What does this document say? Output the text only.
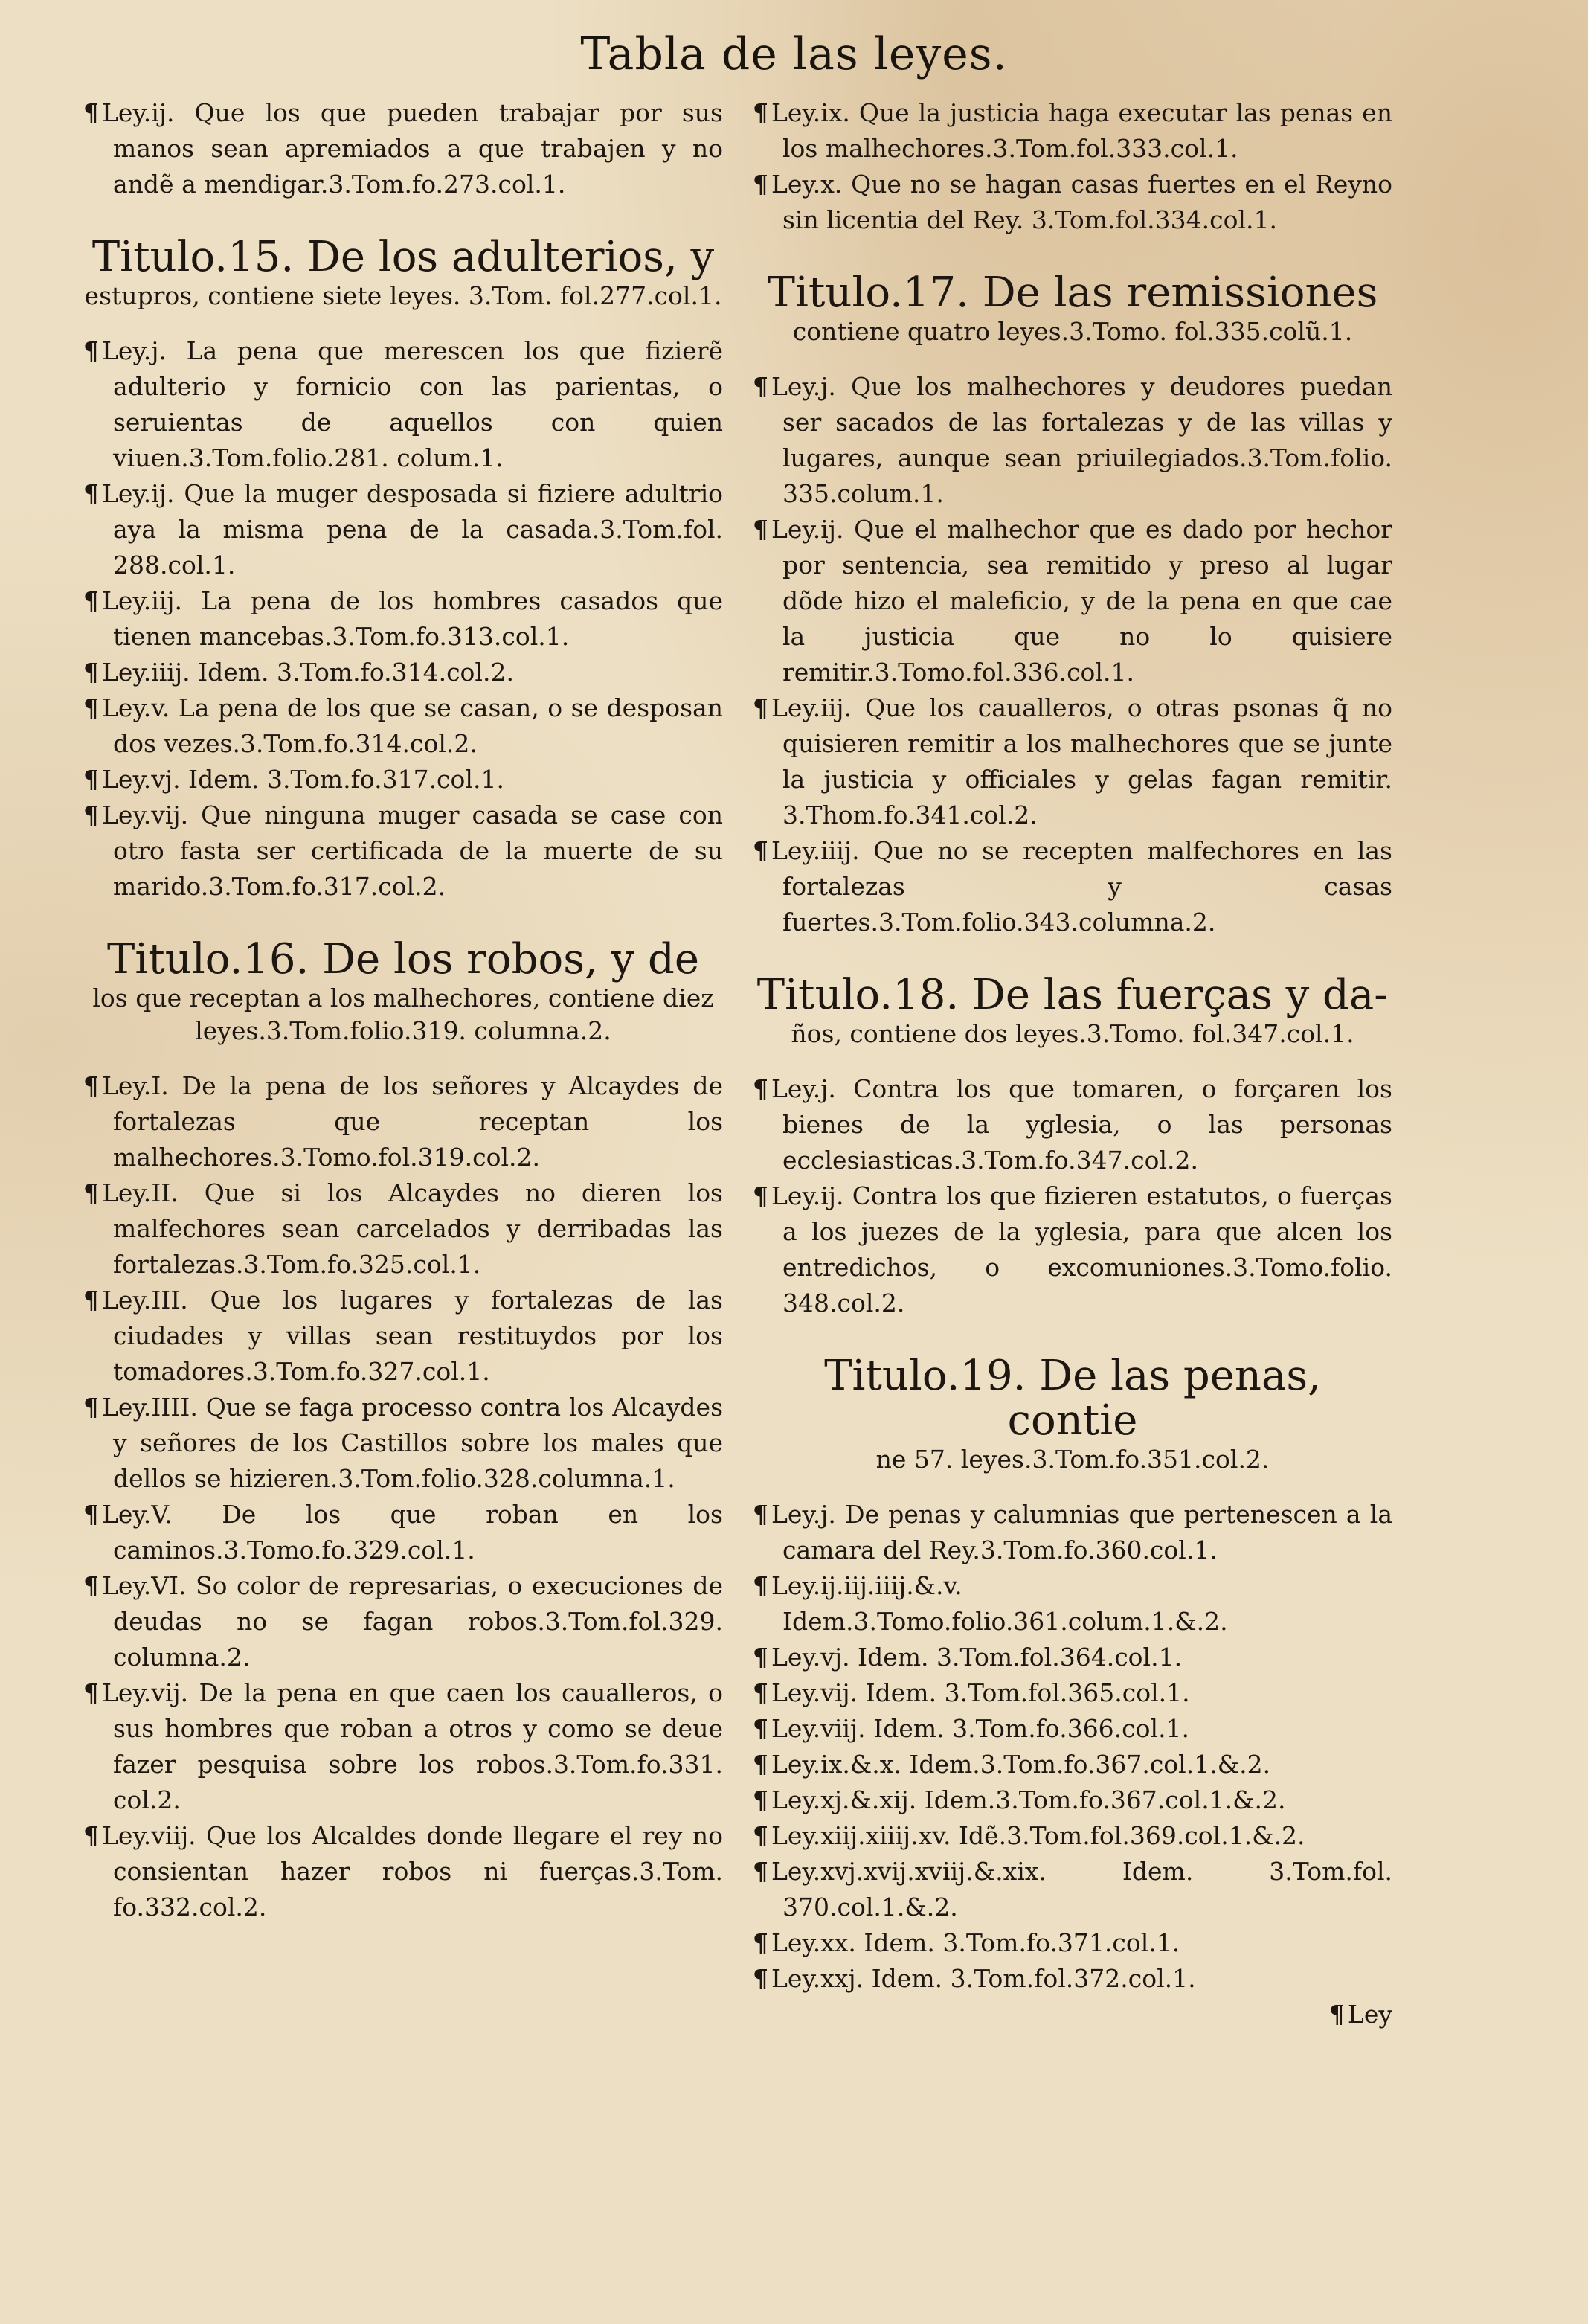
Tabla de las leyes.
¶ Ley.ij. Que los que pueden trabajar por sus manos sean apremiados a que trabajen y no andẽ a mendigar.3.Tom.fo.273.col.1.
Titulo.15. De los adulterios, y
estupros, contiene siete leyes. 3.Tom. fol.277.col.1.
¶ Ley.j. La pena que merescen los que fizierẽ adulterio y fornicio con las parientas, o seruientas de aquellos con quien viuen.3.Tom.folio.281. colum.1.
¶ Ley.ij. Que la muger desposada si fiziere adultrio aya la misma pena de la casada.3.Tom.fol. 288.col.1.
¶ Ley.iij. La pena de los hombres casados que tienen mancebas.3.Tom.fo.313.col.1.
¶ Ley.iiij. Idem. 3.Tom.fo.314.col.2.
¶ Ley.v. La pena de los que se casan, o se desposan dos vezes.3.Tom.fo.314.col.2.
¶ Ley.vj. Idem. 3.Tom.fo.317.col.1.
¶ Ley.vij. Que ninguna muger casada se case con otro fasta ser certificada de la muerte de su marido.3.Tom.fo.317.col.2.
Titulo.16. De los robos, y de
los que receptan a los malhechores, contiene diez leyes.3.Tom.folio.319. columna.2.
¶ Ley.I. De la pena de los señores y Alcaydes de fortalezas que receptan los malhechores.3.Tomo.fol.319.col.2.
¶ Ley.II. Que si los Alcaydes no dieren los malfechores sean carcelados y derribadas las fortalezas.3.Tom.fo.325.col.1.
¶ Ley.III. Que los lugares y fortalezas de las ciudades y villas sean restituydos por los tomadores.3.Tom.fo.327.col.1.
¶ Ley.IIII. Que se faga processo contra los Alcaydes y señores de los Castillos sobre los males que dellos se hizieren.3.Tom.folio.328.columna.1.
¶ Ley.V. De los que roban en los caminos.3.Tomo.fo.329.col.1.
¶ Ley.VI. So color de represarias, o execuciones de deudas no se fagan robos.3.Tom.fol.329. columna.2.
¶ Ley.vij. De la pena en que caen los caualleros, o sus hombres que roban a otros y como se deue fazer pesquisa sobre los robos.3.Tom.fo.331. col.2.
¶ Ley.viij. Que los Alcaldes donde llegare el rey no consientan hazer robos ni fuerças.3.Tom. fo.332.col.2.
¶ Ley.ix. Que la justicia haga executar las penas en los malhechores.3.Tom.fol.333.col.1.
¶ Ley.x. Que no se hagan casas fuertes en el Reyno sin licentia del Rey. 3.Tom.fol.334.col.1.
Titulo.17. De las remissiones
contiene quatro leyes.3.Tomo. fol.335.colũ.1.
¶ Ley.j. Que los malhechores y deudores puedan ser sacados de las fortalezas y de las villas y lugares, aunque sean priuilegiados.3.Tom.folio. 335.colum.1.
¶ Ley.ij. Que el malhechor que es dado por hechor por sentencia, sea remitido y preso al lugar dõde hizo el maleficio, y de la pena en que cae la justicia que no lo quisiere remitir.3.Tomo.fol.336.col.1.
¶ Ley.iij. Que los caualleros, o otras psonas q̃ no quisieren remitir a los malhechores que se junte la justicia y officiales y gelas fagan remitir. 3.Thom.fo.341.col.2.
¶ Ley.iiij. Que no se recepten malfechores en las fortalezas y casas fuertes.3.Tom.folio.343.columna.2.
Titulo.18. De las fuerças y da-
ños, contiene dos leyes.3.Tomo. fol.347.col.1.
¶ Ley.j. Contra los que tomaren, o forçaren los bienes de la yglesia, o las personas ecclesiasticas.3.Tom.fo.347.col.2.
¶ Ley.ij. Contra los que fizieren estatutos, o fuerças a los juezes de la yglesia, para que alcen los entredichos, o excomuniones.3.Tomo.folio. 348.col.2.
Titulo.19. De las penas, contie
ne 57. leyes.3.Tom.fo.351.col.2.
¶ Ley.j. De penas y calumnias que pertenescen a la camara del Rey.3.Tom.fo.360.col.1.
¶ Ley.ij.iij.iiij.&.v. Idem.3.Tomo.folio.361.colum.1.&.2.
¶ Ley.vj. Idem. 3.Tom.fol.364.col.1.
¶ Ley.vij. Idem. 3.Tom.fol.365.col.1.
¶ Ley.viij. Idem. 3.Tom.fo.366.col.1.
¶ Ley.ix.&.x. Idem.3.Tom.fo.367.col.1.&.2.
¶ Ley.xj.&.xij. Idem.3.Tom.fo.367.col.1.&.2.
¶ Ley.xiij.xiiij.xv. Idẽ.3.Tom.fol.369.col.1.&.2.
¶ Ley.xvj.xvij.xviij.&.xix. Idem. 3.Tom.fol. 370.col.1.&.2.
¶ Ley.xx. Idem. 3.Tom.fo.371.col.1.
¶ Ley.xxj. Idem. 3.Tom.fol.372.col.1.
¶ Ley
